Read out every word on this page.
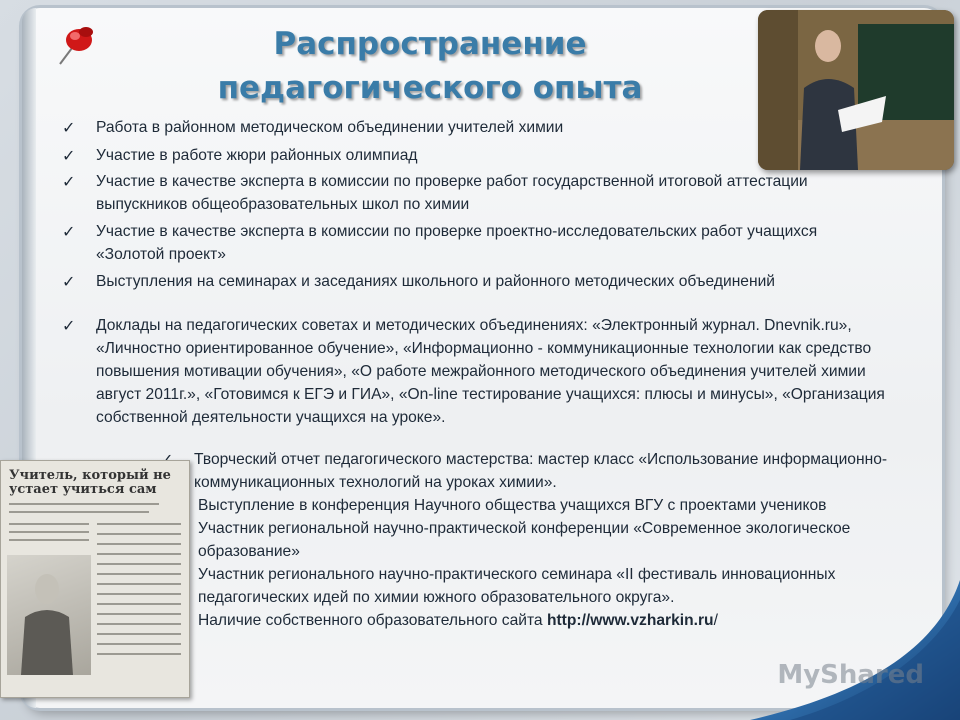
Распространение педагогического опыта
✓	Работа в районном методическом объединении учителей химии
✓	Участие в работе жюри районных олимпиад
✓	Участие в качестве эксперта в комиссии по проверке работ государственной итоговой аттестации выпускников общеобразовательных школ по химии
✓	Участие в качестве эксперта в комиссии по проверке проектно-исследовательских работ учащихся «Золотой проект»
✓	Выступления на семинарах и заседаниях школьного и районного методических объединений
✓	Доклады на педагогических советах и методических объединениях: «Электронный журнал. Dnevnik.ru», «Личностно ориентированное обучение», «Информационно - коммуникационные технологии как средство повышения мотивации обучения», «О работе межрайонного методического объединения учителей химии август 2011г.», «Готовимся к ЕГЭ и ГИА», «On-line тестирование учащихся: плюсы и минусы», «Организация собственной деятельности учащихся на уроке».
Творческий отчет педагогического мастерства: мастер класс «Использование информационно-коммуникационных технологий на уроках химии».
Выступление в конференция Научного общества учащихся ВГУ с проектами учеников
Участник региональной научно-практической конференции «Современное экологическое образование»
Участник регионального научно-практического семинара «II фестиваль инновационных педагогических идей по химии южного образовательного округа».
Наличие собственного образовательного сайта http://www.vzharkin.ru/
Учитель, который не устает учиться сам
MyShared
